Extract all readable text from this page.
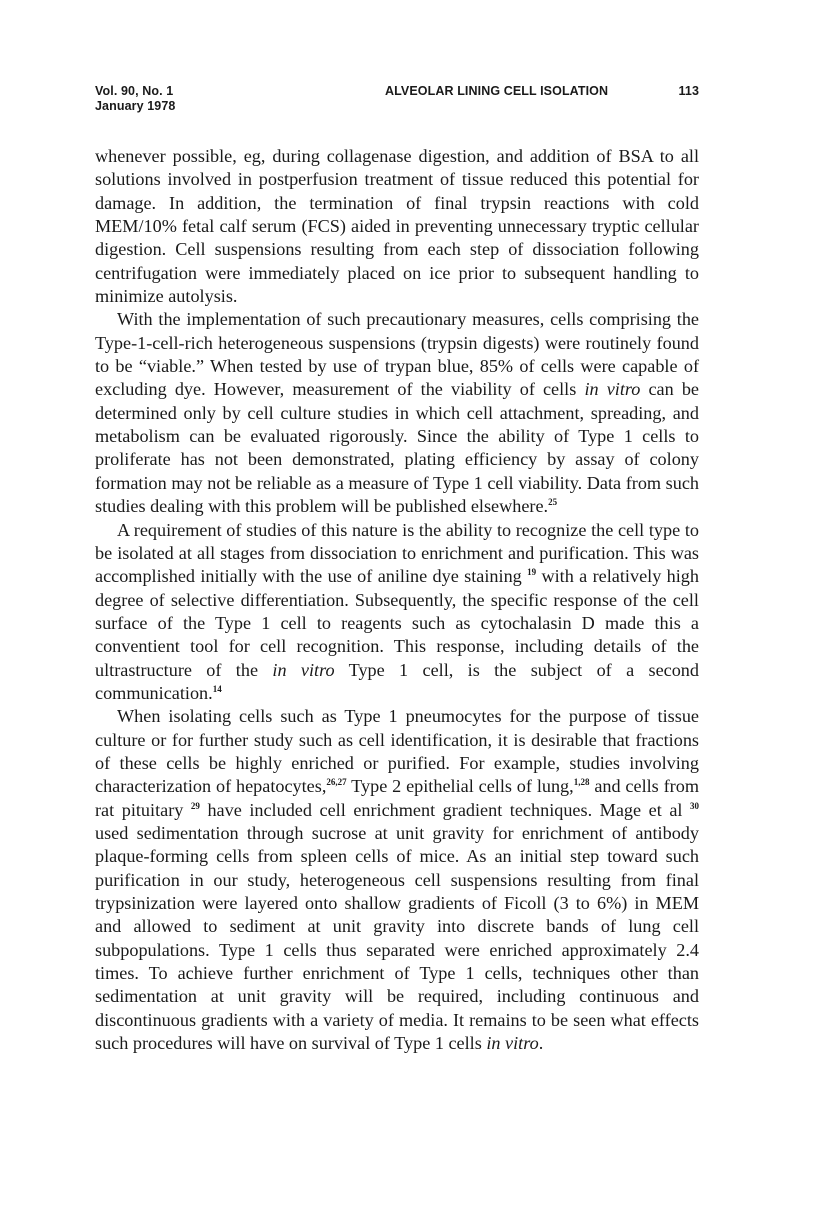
Vol. 90, No. 1
January 1978
ALVEOLAR LINING CELL ISOLATION	113

whenever possible, eg, during collagenase digestion, and addition of BSA to all solutions involved in postperfusion treatment of tissue reduced this potential for damage. In addition, the termination of final trypsin reactions with cold MEM/10% fetal calf serum (FCS) aided in preventing unnecessary tryptic cellular digestion. Cell suspensions resulting from each step of dissociation following centrifugation were immediately placed on ice prior to subsequent handling to minimize autolysis.

With the implementation of such precautionary measures, cells comprising the Type-1-cell-rich heterogeneous suspensions (trypsin digests) were routinely found to be “viable.” When tested by use of trypan blue, 85% of cells were capable of excluding dye. However, measurement of the viability of cells in vitro can be determined only by cell culture studies in which cell attachment, spreading, and metabolism can be evaluated rigorously. Since the ability of Type 1 cells to proliferate has not been demonstrated, plating efficiency by assay of colony formation may not be reliable as a measure of Type 1 cell viability. Data from such studies dealing with this problem will be published elsewhere.$^{25}$

A requirement of studies of this nature is the ability to recognize the cell type to be isolated at all stages from dissociation to enrichment and purification. This was accomplished initially with the use of aniline dye staining $^{19}$ with a relatively high degree of selective differentiation. Subsequently, the specific response of the cell surface of the Type 1 cell to reagents such as cytochalasin D made this a conventient tool for cell recognition. This response, including details of the ultrastructure of the in vitro Type 1 cell, is the subject of a second communication.$^{14}$

When isolating cells such as Type 1 pneumocytes for the purpose of tissue culture or for further study such as cell identification, it is desirable that fractions of these cells be highly enriched or purified. For example, studies involving characterization of hepatocytes,$^{26,27}$ Type 2 epithelial cells of lung,$^{1,28}$ and cells from rat pituitary $^{29}$ have included cell enrichment gradient techniques. Mage et al $^{30}$ used sedimentation through sucrose at unit gravity for enrichment of antibody plaque-forming cells from spleen cells of mice. As an initial step toward such purification in our study, heterogeneous cell suspensions resulting from final trypsinization were layered onto shallow gradients of Ficoll (3 to 6%) in MEM and allowed to sediment at unit gravity into discrete bands of lung cell subpopulations. Type 1 cells thus separated were enriched approximately 2.4 times. To achieve further enrichment of Type 1 cells, techniques other than sedimentation at unit gravity will be required, including continuous and discontinuous gradients with a variety of media. It remains to be seen what effects such procedures will have on survival of Type 1 cells in vitro.
